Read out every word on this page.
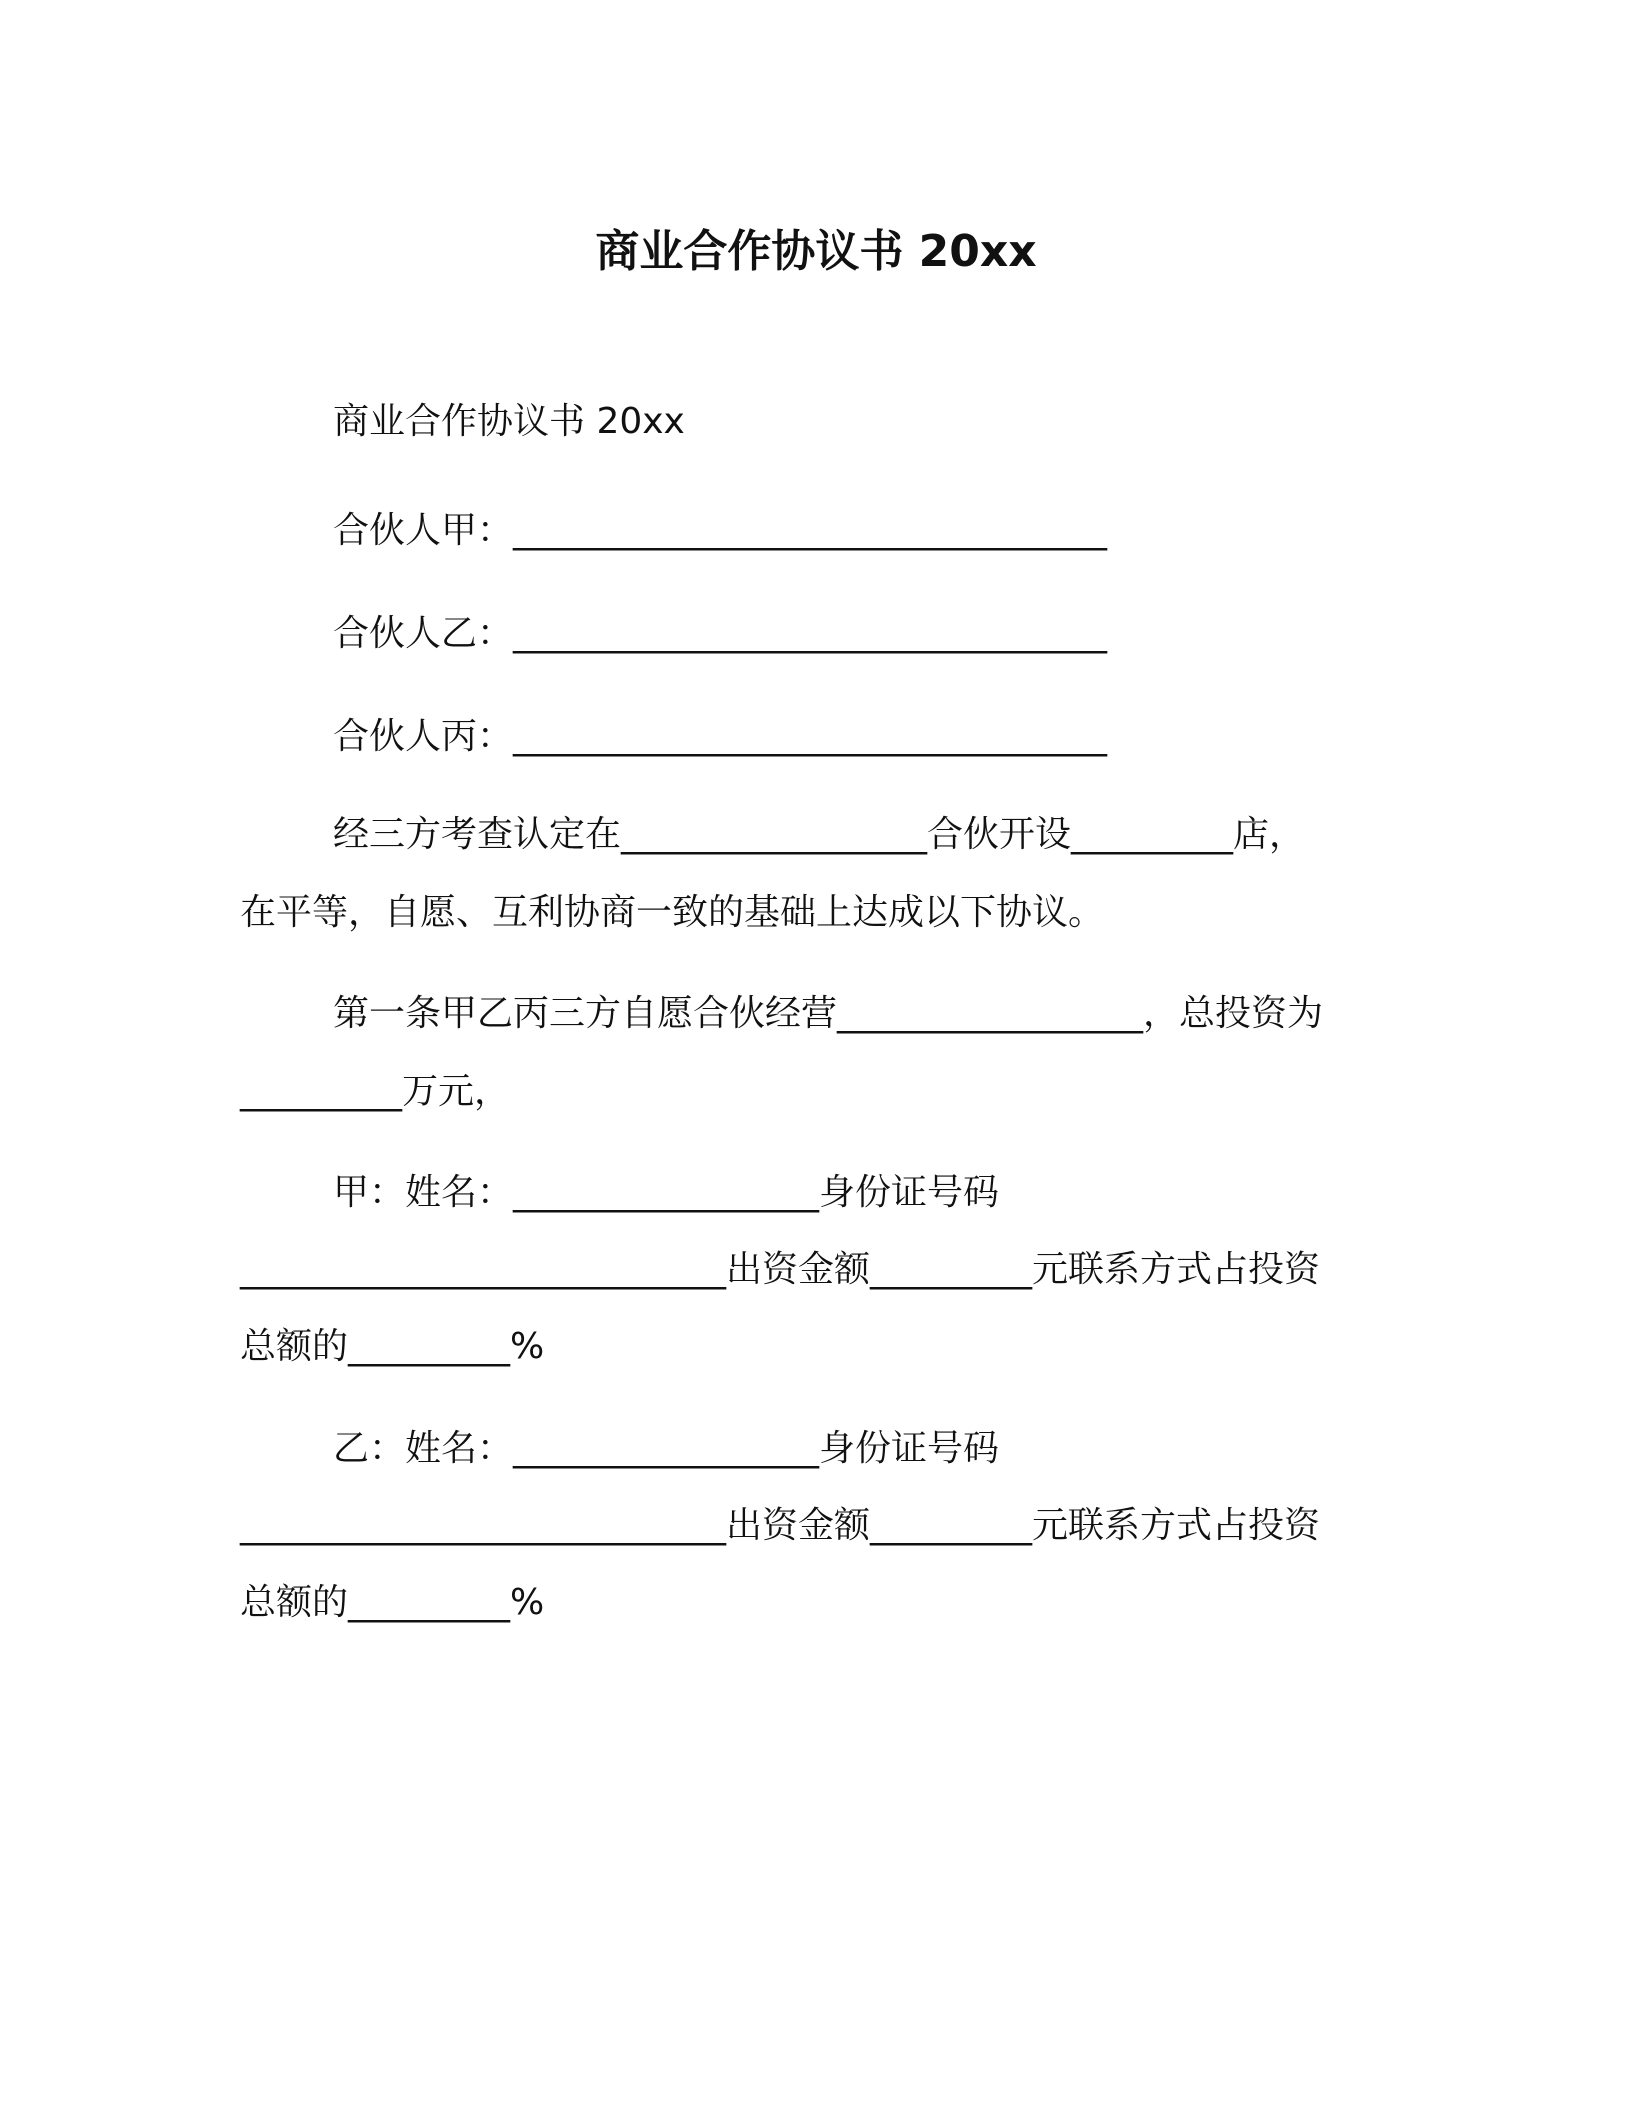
商业合作协议书 20xx
商业合作协议书 20xx
合伙人甲：_________________________________
合伙人乙：_________________________________
合伙人丙：_________________________________
经三方考查认定在_________________合伙开设_________店，
在平等，自愿、互利协商一致的基础上达成以下协议。
第一条甲乙丙三方自愿合伙经营_________________，总投资为
_________万元，
甲：姓名：_________________身份证号码
___________________________出资金额_________元联系方式占投资
总额的_________%
乙：姓名：_________________身份证号码
___________________________出资金额_________元联系方式占投资
总额的_________%
